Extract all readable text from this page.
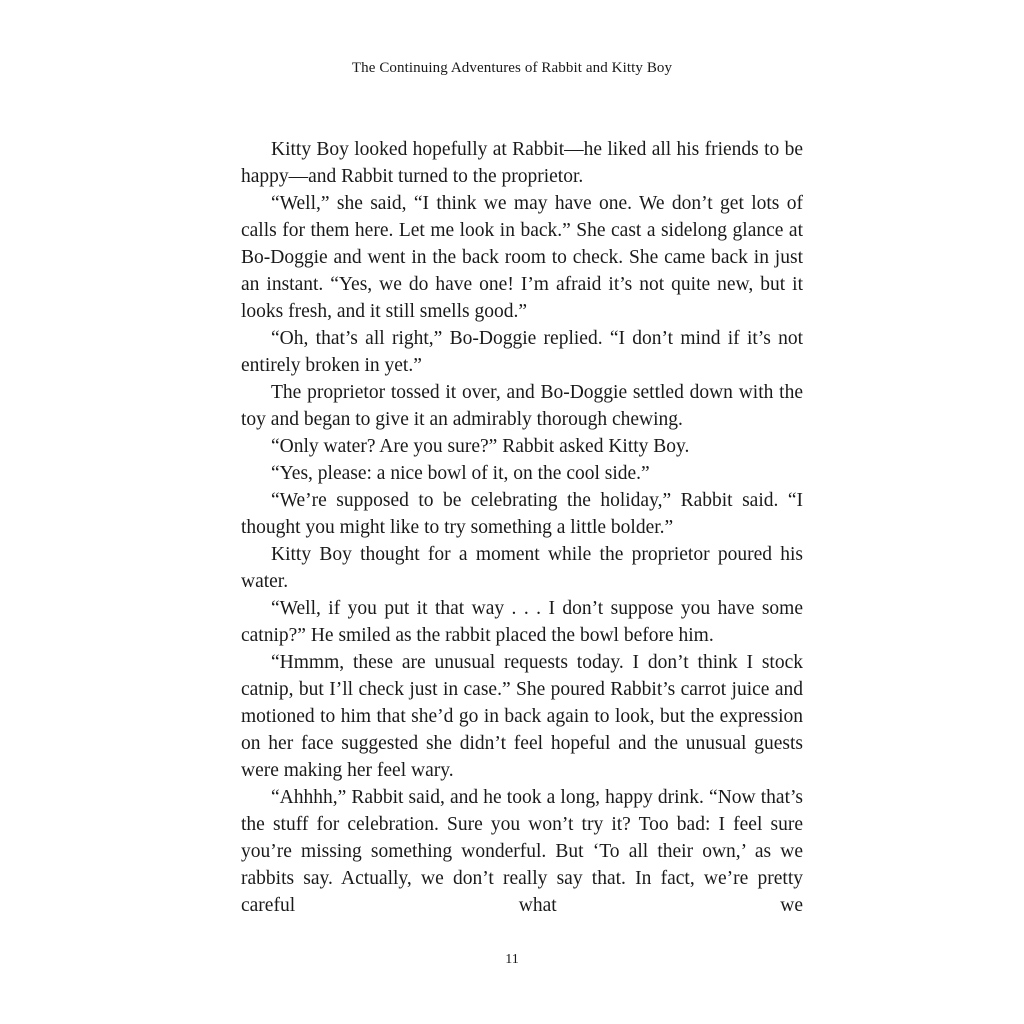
The Continuing Adventures of Rabbit and Kitty Boy

Kitty Boy looked hopefully at Rabbit—he liked all his friends to be happy—and Rabbit turned to the proprietor.

“Well,” she said, “I think we may have one. We don’t get lots of calls for them here. Let me look in back.” She cast a sidelong glance at Bo-Doggie and went in the back room to check. She came back in just an instant. “Yes, we do have one! I’m afraid it’s not quite new, but it looks fresh, and it still smells good.”

“Oh, that’s all right,” Bo-Doggie replied. “I don’t mind if it’s not entirely broken in yet.”

The proprietor tossed it over, and Bo-Doggie settled down with the toy and began to give it an admirably thorough chewing.

“Only water? Are you sure?” Rabbit asked Kitty Boy.

“Yes, please: a nice bowl of it, on the cool side.”

“We’re supposed to be celebrating the holiday,” Rabbit said. “I thought you might like to try something a little bolder.”

Kitty Boy thought for a moment while the proprietor poured his water.

“Well, if you put it that way . . . I don’t suppose you have some catnip?” He smiled as the rabbit placed the bowl before him.

“Hmmm, these are unusual requests today. I don’t think I stock catnip, but I’ll check just in case.” She poured Rabbit’s carrot juice and motioned to him that she’d go in back again to look, but the expression on her face suggested she didn’t feel hopeful and the unusual guests were making her feel wary.

“Ahhhh,” Rabbit said, and he took a long, happy drink. “Now that’s the stuff for celebration. Sure you won’t try it? Too bad: I feel sure you’re missing something wonderful. But ‘To all their own,’ as we rabbits say. Actually, we don’t really say that. In fact, we’re pretty careful what we

11
